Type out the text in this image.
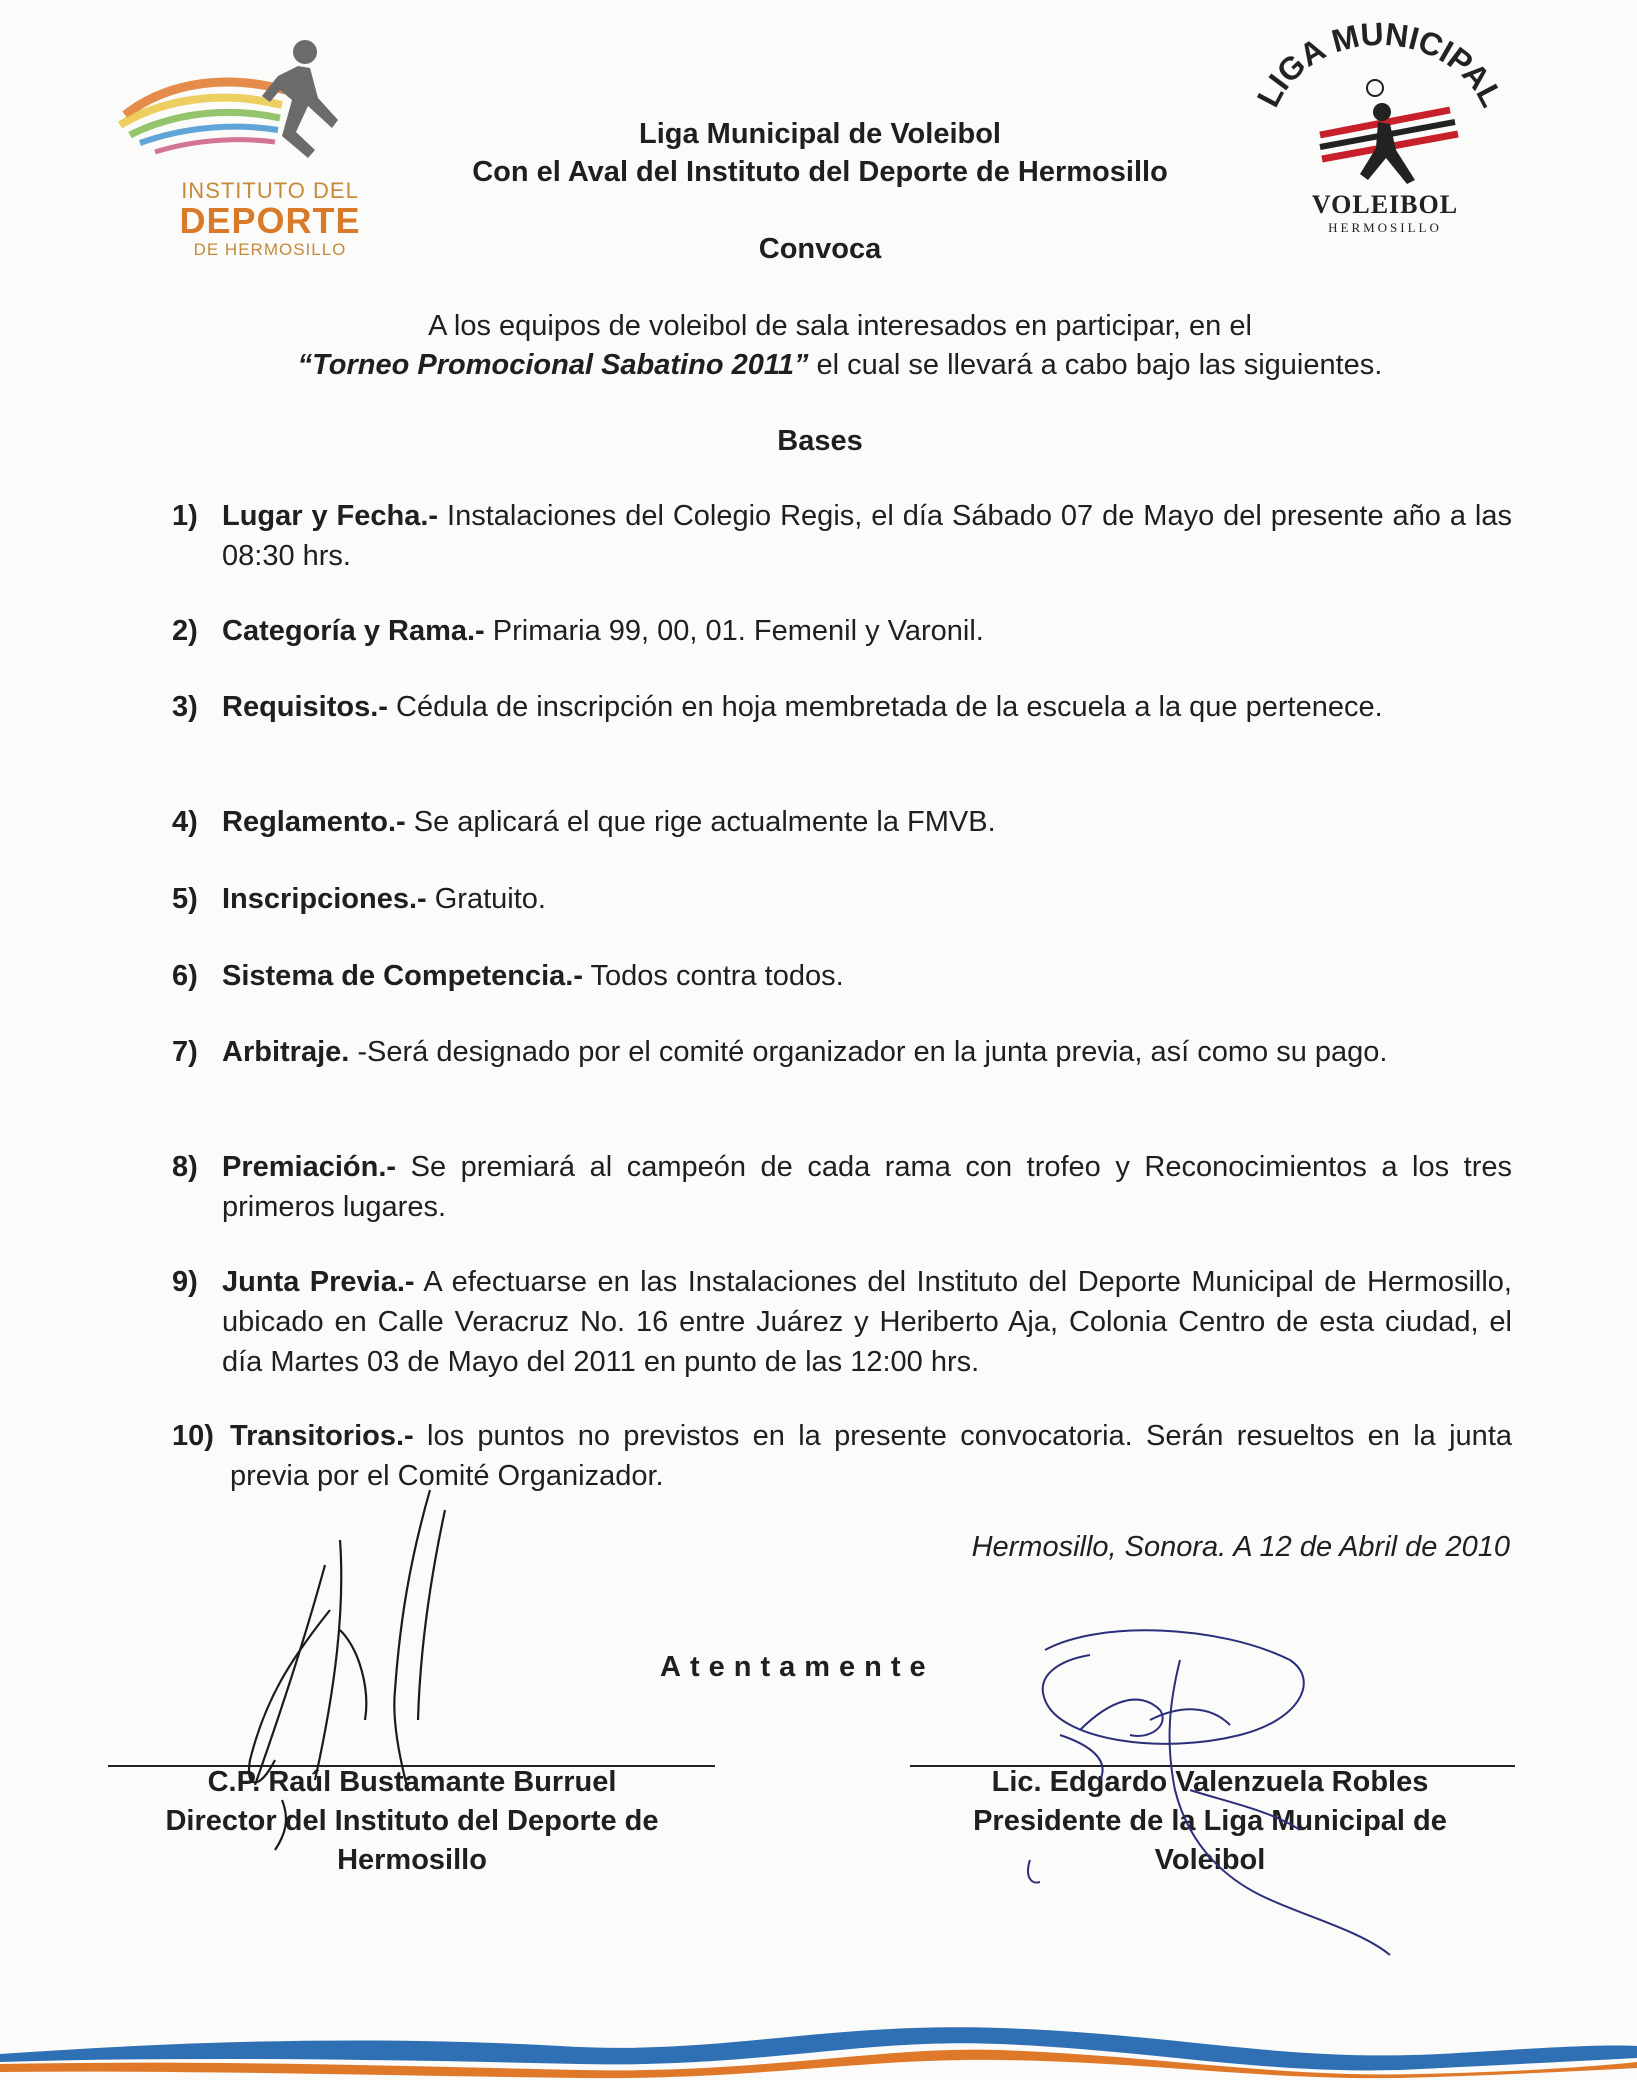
INSTITUTO DEL
DEPORTE
DE HERMOSILLO
LIGA MUNICIPAL
VOLEIBOL
HERMOSILLO
Liga Municipal de Voleibol
Con el Aval del Instituto del Deporte de Hermosillo
Convoca
A los equipos de voleibol de sala interesados en participar, en el
“Torneo Promocional Sabatino 2011” el cual se llevará a cabo bajo las siguientes.
Bases
1) Lugar y Fecha.- Instalaciones del Colegio Regis, el día Sábado 07 de Mayo del presente año a las 08:30 hrs.
2) Categoría y Rama.- Primaria 99, 00, 01. Femenil y Varonil.
3) Requisitos.- Cédula de inscripción en hoja membretada de la escuela a la que pertenece.
4) Reglamento.- Se aplicará el que rige actualmente la FMVB.
5) Inscripciones.- Gratuito.
6) Sistema de Competencia.- Todos contra todos.
7) Arbitraje. -Será designado por el comité organizador en la junta previa, así como su pago.
8) Premiación.- Se premiará al campeón de cada rama con trofeo y Reconocimientos a los tres primeros lugares.
9) Junta Previa.- A efectuarse en las Instalaciones del Instituto del Deporte Municipal de Hermosillo, ubicado en Calle Veracruz No. 16 entre Juárez y Heriberto Aja, Colonia Centro de esta ciudad, el día Martes 03 de Mayo del 2011 en punto de las 12:00 hrs.
10) Transitorios.- los puntos no previstos en la presente convocatoria. Serán resueltos en la junta previa por el Comité Organizador.
Hermosillo, Sonora. A 12 de Abril de 2010
Atentamente
C.P. Raúl Bustamante Burruel
Director del Instituto del Deporte de
Hermosillo
Lic. Edgardo Valenzuela Robles
Presidente de la Liga Municipal de
Voleibol
